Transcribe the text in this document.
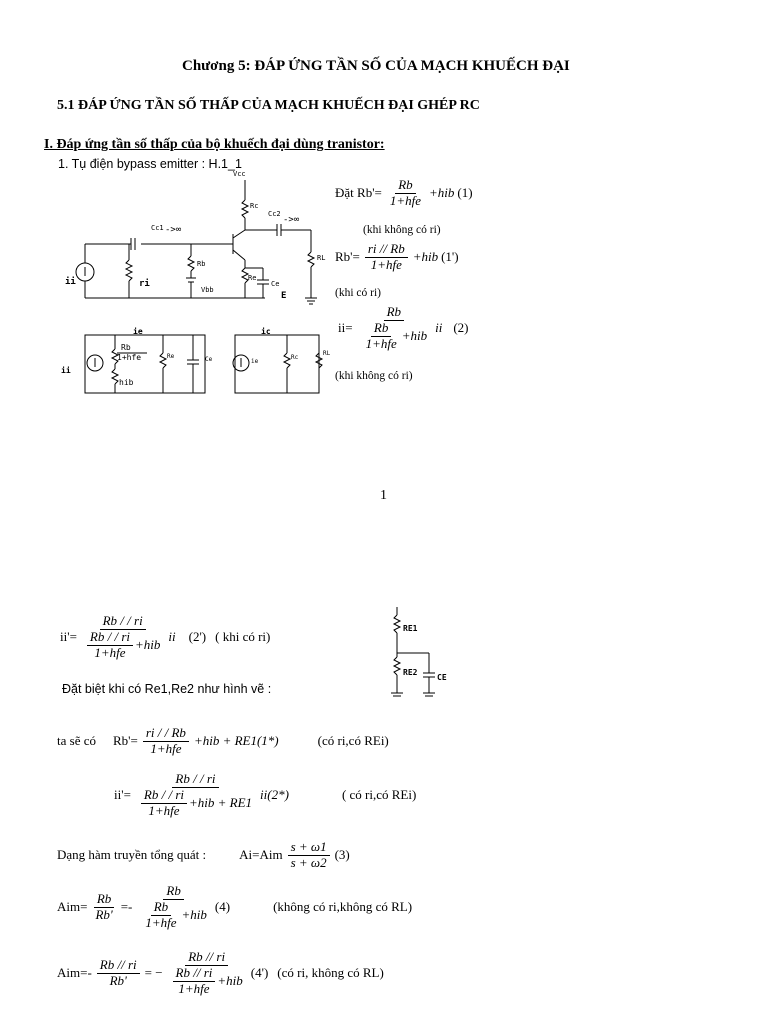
Chương 5: ĐÁP ỨNG TẦN SỐ CỦA MẠCH KHUẾCH ĐẠI
5.1 ĐÁP ỨNG TẦN SỐ THẤP CỦA MẠCH KHUẾCH ĐẠI GHÉP RC
I. Đáp ứng tần số thấp của bộ khuếch đại dùng tranistor:
1. Tụ điện bypass emitter : H.1_1
Vcc
Rc
Cc1 ->∞
Cc2
->∞
Rb
Vbb
Re
Ce
E
RL
ii	ri
ie
Rb
1+hfe
hib
Re	Ce
ic
ie
Rc
RL
ii
Đặt $Rb'= \frac{Rb}{\text{1+hfe}} +hib$ (1)
(khi không có ri)
$Rb'= \frac{ri // Rb}{\text{1+hfe}} +hib$ (1')
(khi có ri)
$ii= \frac{Rb}{\frac{Rb}{\text{1+hfe}} +hib}$ ii (2)
(khi không có ri)
1
$ii'= \frac{Rb / / ri}{\frac{Rb / / ri}{\text{1+hfe}} +hib}$ ii (2') ( khi có ri)
RE1
RE2
CE
Đặt biệt khi có Re1,Re2 như hình vẽ :
ta sẽ có $Rb'= \frac{ri / / Rb}{\text{1+hfe}} +hib + RE1(1*)$	(có ri,có REi)
$ii'= \frac{Rb / / ri}{\frac{Rb / / ri}{\text{1+hfe}} +hib + RE1} ii(2*)$	( có ri,có REi)
Dạng hàm truyền tổng quát :	$Ai=Aim \frac{s + \omega 1}{s + \omega 2} (3)$
$Aim= \frac{Rb}{Rb'} =- \frac{Rb}{\frac{Rb}{\text{1+hfe}} +hib} (4)$	(không có ri,không có RL)
$Aim=- \frac{Rb // ri}{Rb'}$ = − $\frac{Rb // ri}{\frac{Rb // ri}{\text{1+hfe}} +hib} (4')$ (có ri, không có RL)
